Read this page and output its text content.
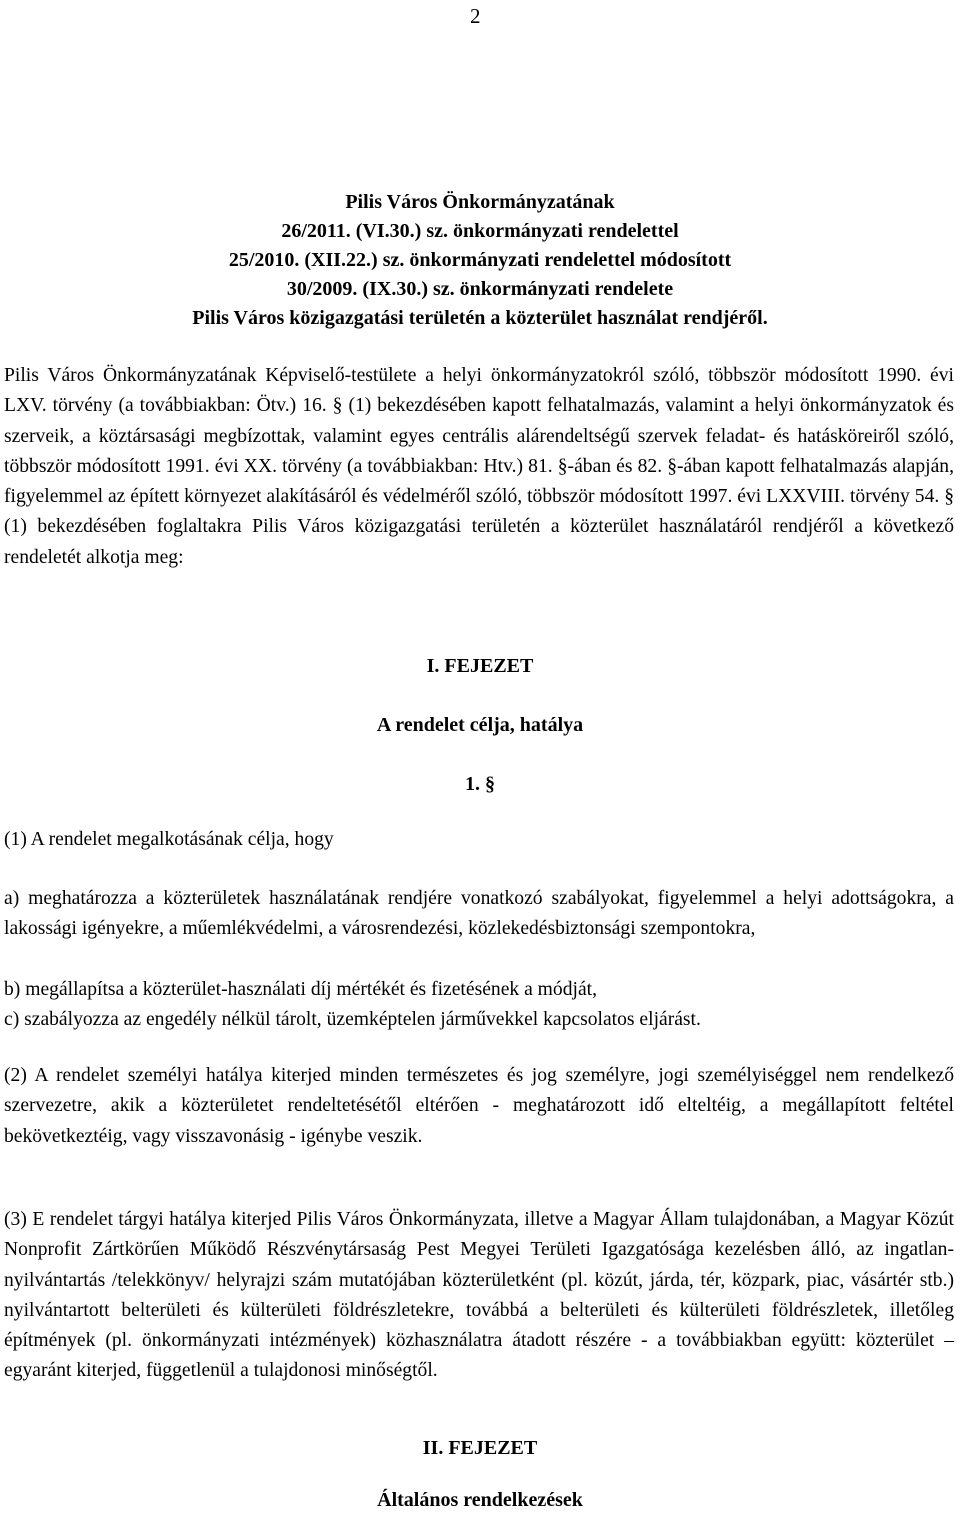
2
Pilis Város Önkormányzatának
26/2011. (VI.30.) sz. önkormányzati rendelettel
25/2010. (XII.22.) sz. önkormányzati rendelettel módosított
30/2009. (IX.30.) sz. önkormányzati rendelete
Pilis Város közigazgatási területén a közterület használat rendjéről.

Pilis Város Önkormányzatának Képviselő-testülete a helyi önkormányzatokról szóló, többször módosított 1990. évi LXV. törvény (a továbbiakban: Ötv.) 16. § (1) bekezdésében kapott felhatalmazás, valamint a helyi önkormányzatok és szerveik, a köztársasági megbízottak, valamint egyes centrális alárendeltségű szervek feladat- és hatásköreiről szóló, többször módosított 1991. évi XX. törvény (a továbbiakban: Htv.) 81. §-ában és 82. §-ában kapott felhatalmazás alapján, figyelemmel az épített környezet alakításáról és védelméről szóló, többször módosított 1997. évi LXXVIII. törvény 54. § (1) bekezdésében foglaltakra Pilis Város közigazgatási területén a közterület használatáról rendjéről a következő rendeletét alkotja meg:

I. FEJEZET
A rendelet célja, hatálya
1. §
(1) A rendelet megalkotásának célja, hogy

a) meghatározza a közterületek használatának rendjére vonatkozó szabályokat, figyelemmel a helyi adottságokra, a lakossági igényekre, a műemlékvédelmi, a városrendezési, közlekedésbiztonsági szempontokra,

b) megállapítsa a közterület-használati díj mértékét és fizetésének a módját,

c) szabályozza az engedély nélkül tárolt, üzemképtelen járművekkel kapcsolatos eljárást.

(2) A rendelet személyi hatálya kiterjed minden természetes és jog személyre, jogi személyiséggel nem rendelkező szervezetre, akik a közterületet rendeltetésétől eltérően - meghatározott idő elteltéig, a megállapított feltétel bekövetkeztéig, vagy visszavonásig - igénybe veszik.

(3) E rendelet tárgyi hatálya kiterjed Pilis Város Önkormányzata, illetve a Magyar Állam tulajdonában, a Magyar Közút Nonprofit Zártkörűen Működő Részvénytársaság Pest Megyei Területi Igazgatósága kezelésben álló, az ingatlan-nyilvántartás /telekkönyv/ helyrajzi szám mutatójában közterületként (pl. közút, járda, tér, közpark, piac, vásártér stb.) nyilvántartott belterületi és külterületi földrészletekre, továbbá a belterületi és külterületi földrészletek, illetőleg építmények (pl. önkormányzati intézmények) közhasználatra átadott részére - a továbbiakban együtt: közterület – egyaránt kiterjed, függetlenül a tulajdonosi minőségtől.

II. FEJEZET
Általános rendelkezések
